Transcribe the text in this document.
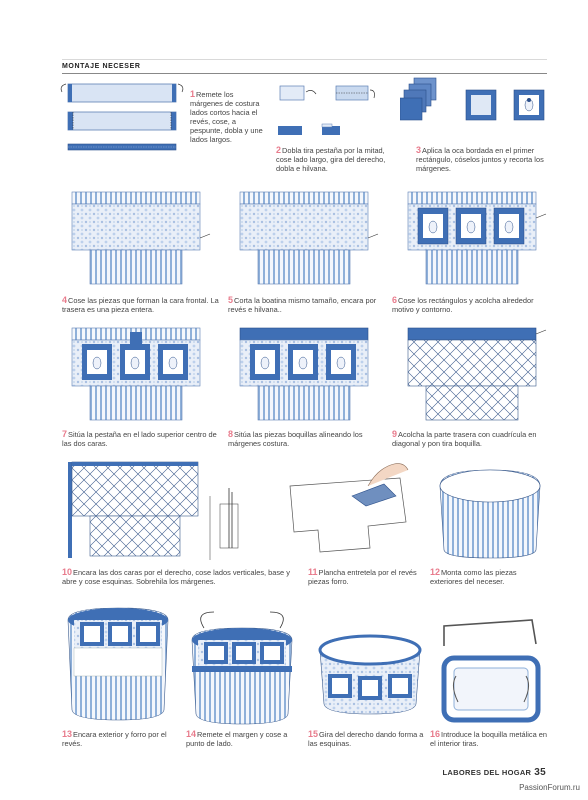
MONTAJE NECESER
1Remete los márgenes de costura lados cortos hacia el revés, cose, a pespunte, dobla y une lados largos.
2Dobla tira pestaña por la mitad, cose lado largo, gira del derecho, dobla e hilvana.
3Aplica la oca bordada en el primer rectángulo, cóselos juntos y recorta los márgenes.
4Cose las piezas que forman la cara frontal. La trasera es una pieza entera.
5Corta la boatina mismo tamaño, encara por revés e hilvana..
6Cose los rectángulos y acolcha alrededor motivo y contorno.
7Sitúa la pestaña en el lado superior centro de las dos caras.
8Sitúa las piezas boquillas alineando los márgenes costura.
9Acolcha la parte trasera con cuadrícula en diagonal y pon tira boquilla.
10Encara las dos caras por el derecho, cose lados verticales, base y abre y cose esquinas. Sobrehila los márgenes.
11Plancha entretela por el revés piezas forro.
12Monta como las piezas exteriores del neceser.
13Encara exterior y forro por el revés.
14Remete el margen y cose a punto de lado.
15Gira del derecho dando forma a las esquinas.
16Introduce la boquilla metálica en el interior tiras.
LABORES DEL HOGAR 35
PassionForum.ru
